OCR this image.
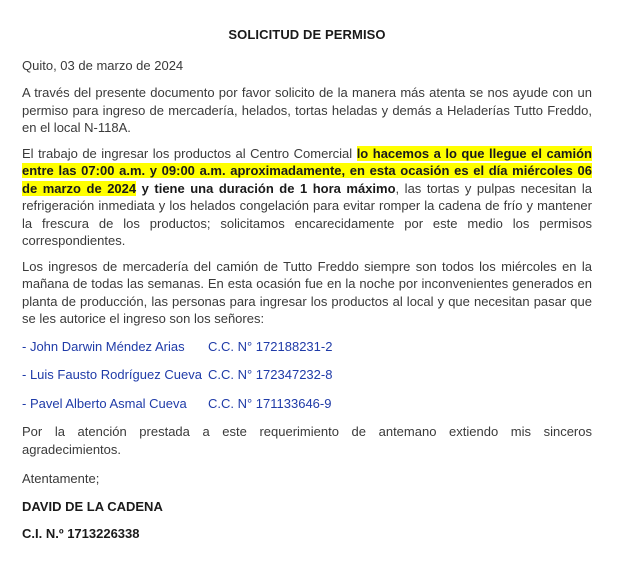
SOLICITUD DE PERMISO

Quito, 03 de marzo de 2024

A través del presente documento por favor solicito de la manera más atenta se nos ayude con un permiso para ingreso de mercadería, helados, tortas heladas y demás a Heladerías Tutto Freddo, en el local N-118A.

El trabajo de ingresar los productos al Centro Comercial lo hacemos a lo que llegue el camión entre las 07:00 a.m. y 09:00 a.m. aproximadamente, en esta ocasión es el día miércoles 06 de marzo de 2024 y tiene una duración de 1 hora máximo, las tortas y pulpas necesitan la refrigeración inmediata y los helados congelación para evitar romper la cadena de frío y mantener la frescura de los productos; solicitamos encarecidamente por este medio los permisos correspondientes.

Los ingresos de mercadería del camión de Tutto Freddo siempre son todos los miércoles en la mañana de todas las semanas. En esta ocasión fue en la noche por inconvenientes generados en planta de producción, las personas para ingresar los productos al local y que necesitan pasar que se les autorice el ingreso son los señores:

- John Darwin Méndez Arias C.C. N° 172188231-2

- Luis Fausto Rodríguez Cueva C.C. N° 172347232-8

- Pavel Alberto Asmal Cueva C.C. N° 171133646-9

Por la atención prestada a este requerimiento de antemano extiendo mis sinceros agradecimientos.

Atentamente;

DAVID DE LA CADENA

C.I. N.º 1713226338
